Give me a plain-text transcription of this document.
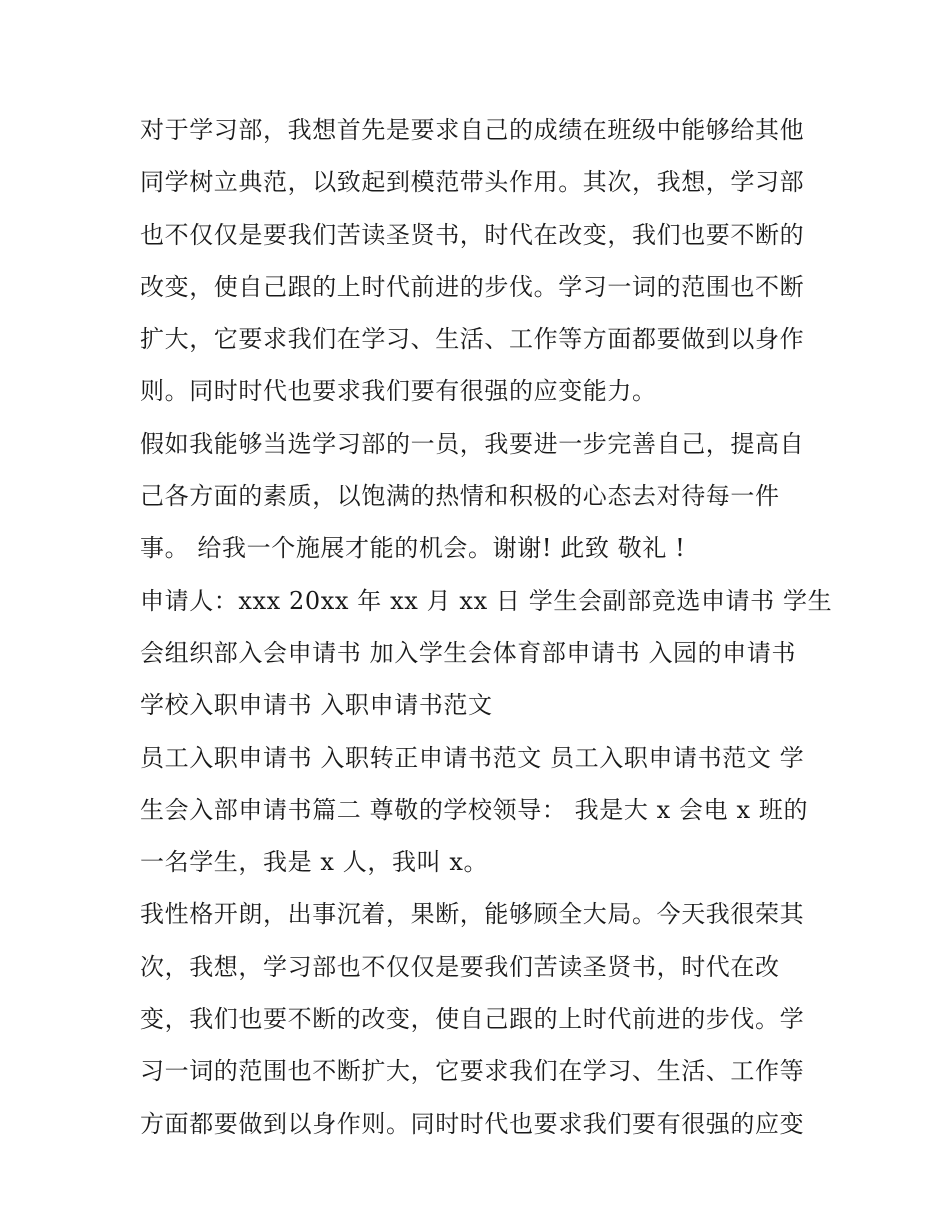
对于学习部，我想首先是要求自己的成绩在班级中能够给其他
同学树立典范，以致起到模范带头作用。其次，我想，学习部
也不仅仅是要我们苦读圣贤书，时代在改变，我们也要不断的
改变，使自己跟的上时代前进的步伐。学习一词的范围也不断
扩大，它要求我们在学习、生活、工作等方面都要做到以身作
则。同时时代也要求我们要有很强的应变能力。
假如我能够当选学习部的一员，我要进一步完善自己，提高自
己各方面的素质，以饱满的热情和积极的心态去对待每一件
事。 给我一个施展才能的机会。谢谢! 此致 敬礼 !
申请人：xxx 20xx 年 xx 月 xx 日 学生会副部竞选申请书 学生
会组织部入会申请书 加入学生会体育部申请书 入园的申请书
学校入职申请书 入职申请书范文
员工入职申请书 入职转正申请书范文 员工入职申请书范文 学
生会入部申请书篇二 尊敬的学校领导： 我是大 x 会电 x 班的
一名学生，我是 x 人，我叫 x。
我性格开朗，出事沉着，果断，能够顾全大局。今天我很荣其
次，我想，学习部也不仅仅是要我们苦读圣贤书，时代在改
变，我们也要不断的改变，使自己跟的上时代前进的步伐。学
习一词的范围也不断扩大，它要求我们在学习、生活、工作等
方面都要做到以身作则。同时时代也要求我们要有很强的应变
